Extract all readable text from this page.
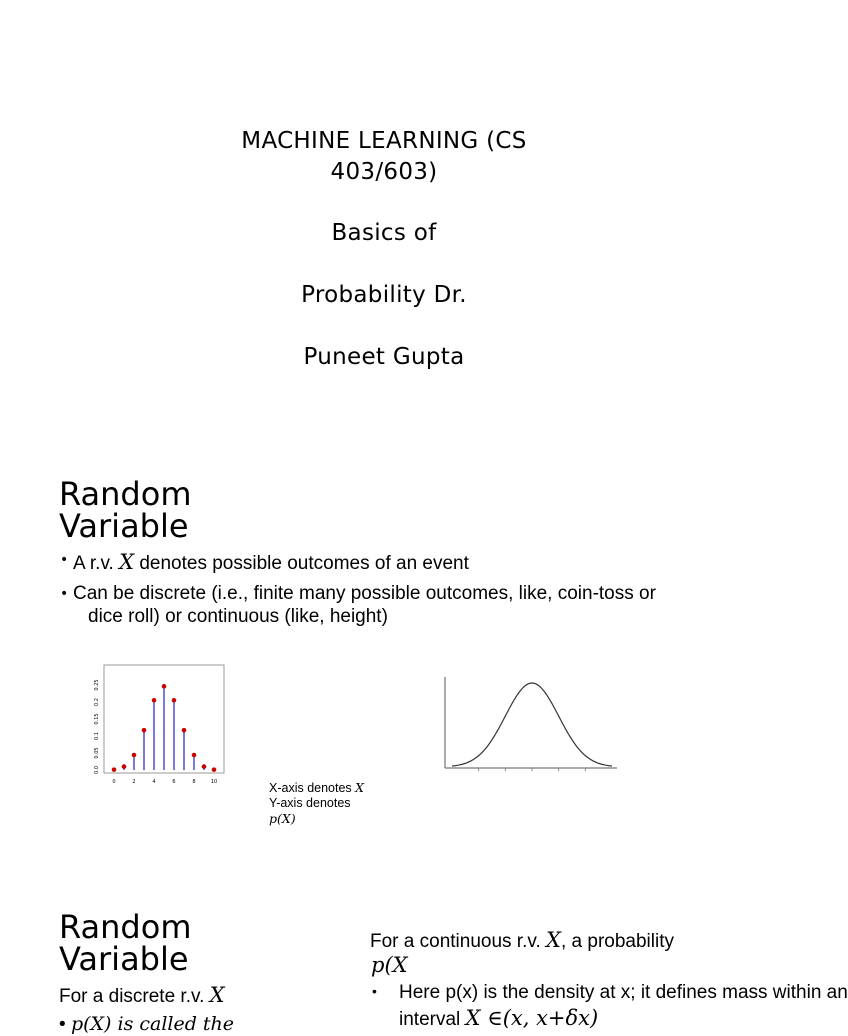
MACHINE LEARNING (CS
403/603)
Basics of
Probability Dr.
Puneet Gupta
Random
Variable
• A r.v. X denotes possible outcomes of an event
• Can be discrete (i.e., finite many possible outcomes, like, coin-toss or
dice roll) or continuous (like, height)
0	2	4	6	8	10
0.0
0.05
0.1
0.15
0.2
0.25
X-axis denotes X
Y-axis denotes
p(X)
Random
Variable
For a discrete r.v. X
• p(X) is called the
For a continuous r.v. X, a probability
p(X
• Here p(x) is the density at x; it defines mass within an
interval X ∈(x, x+δx)
